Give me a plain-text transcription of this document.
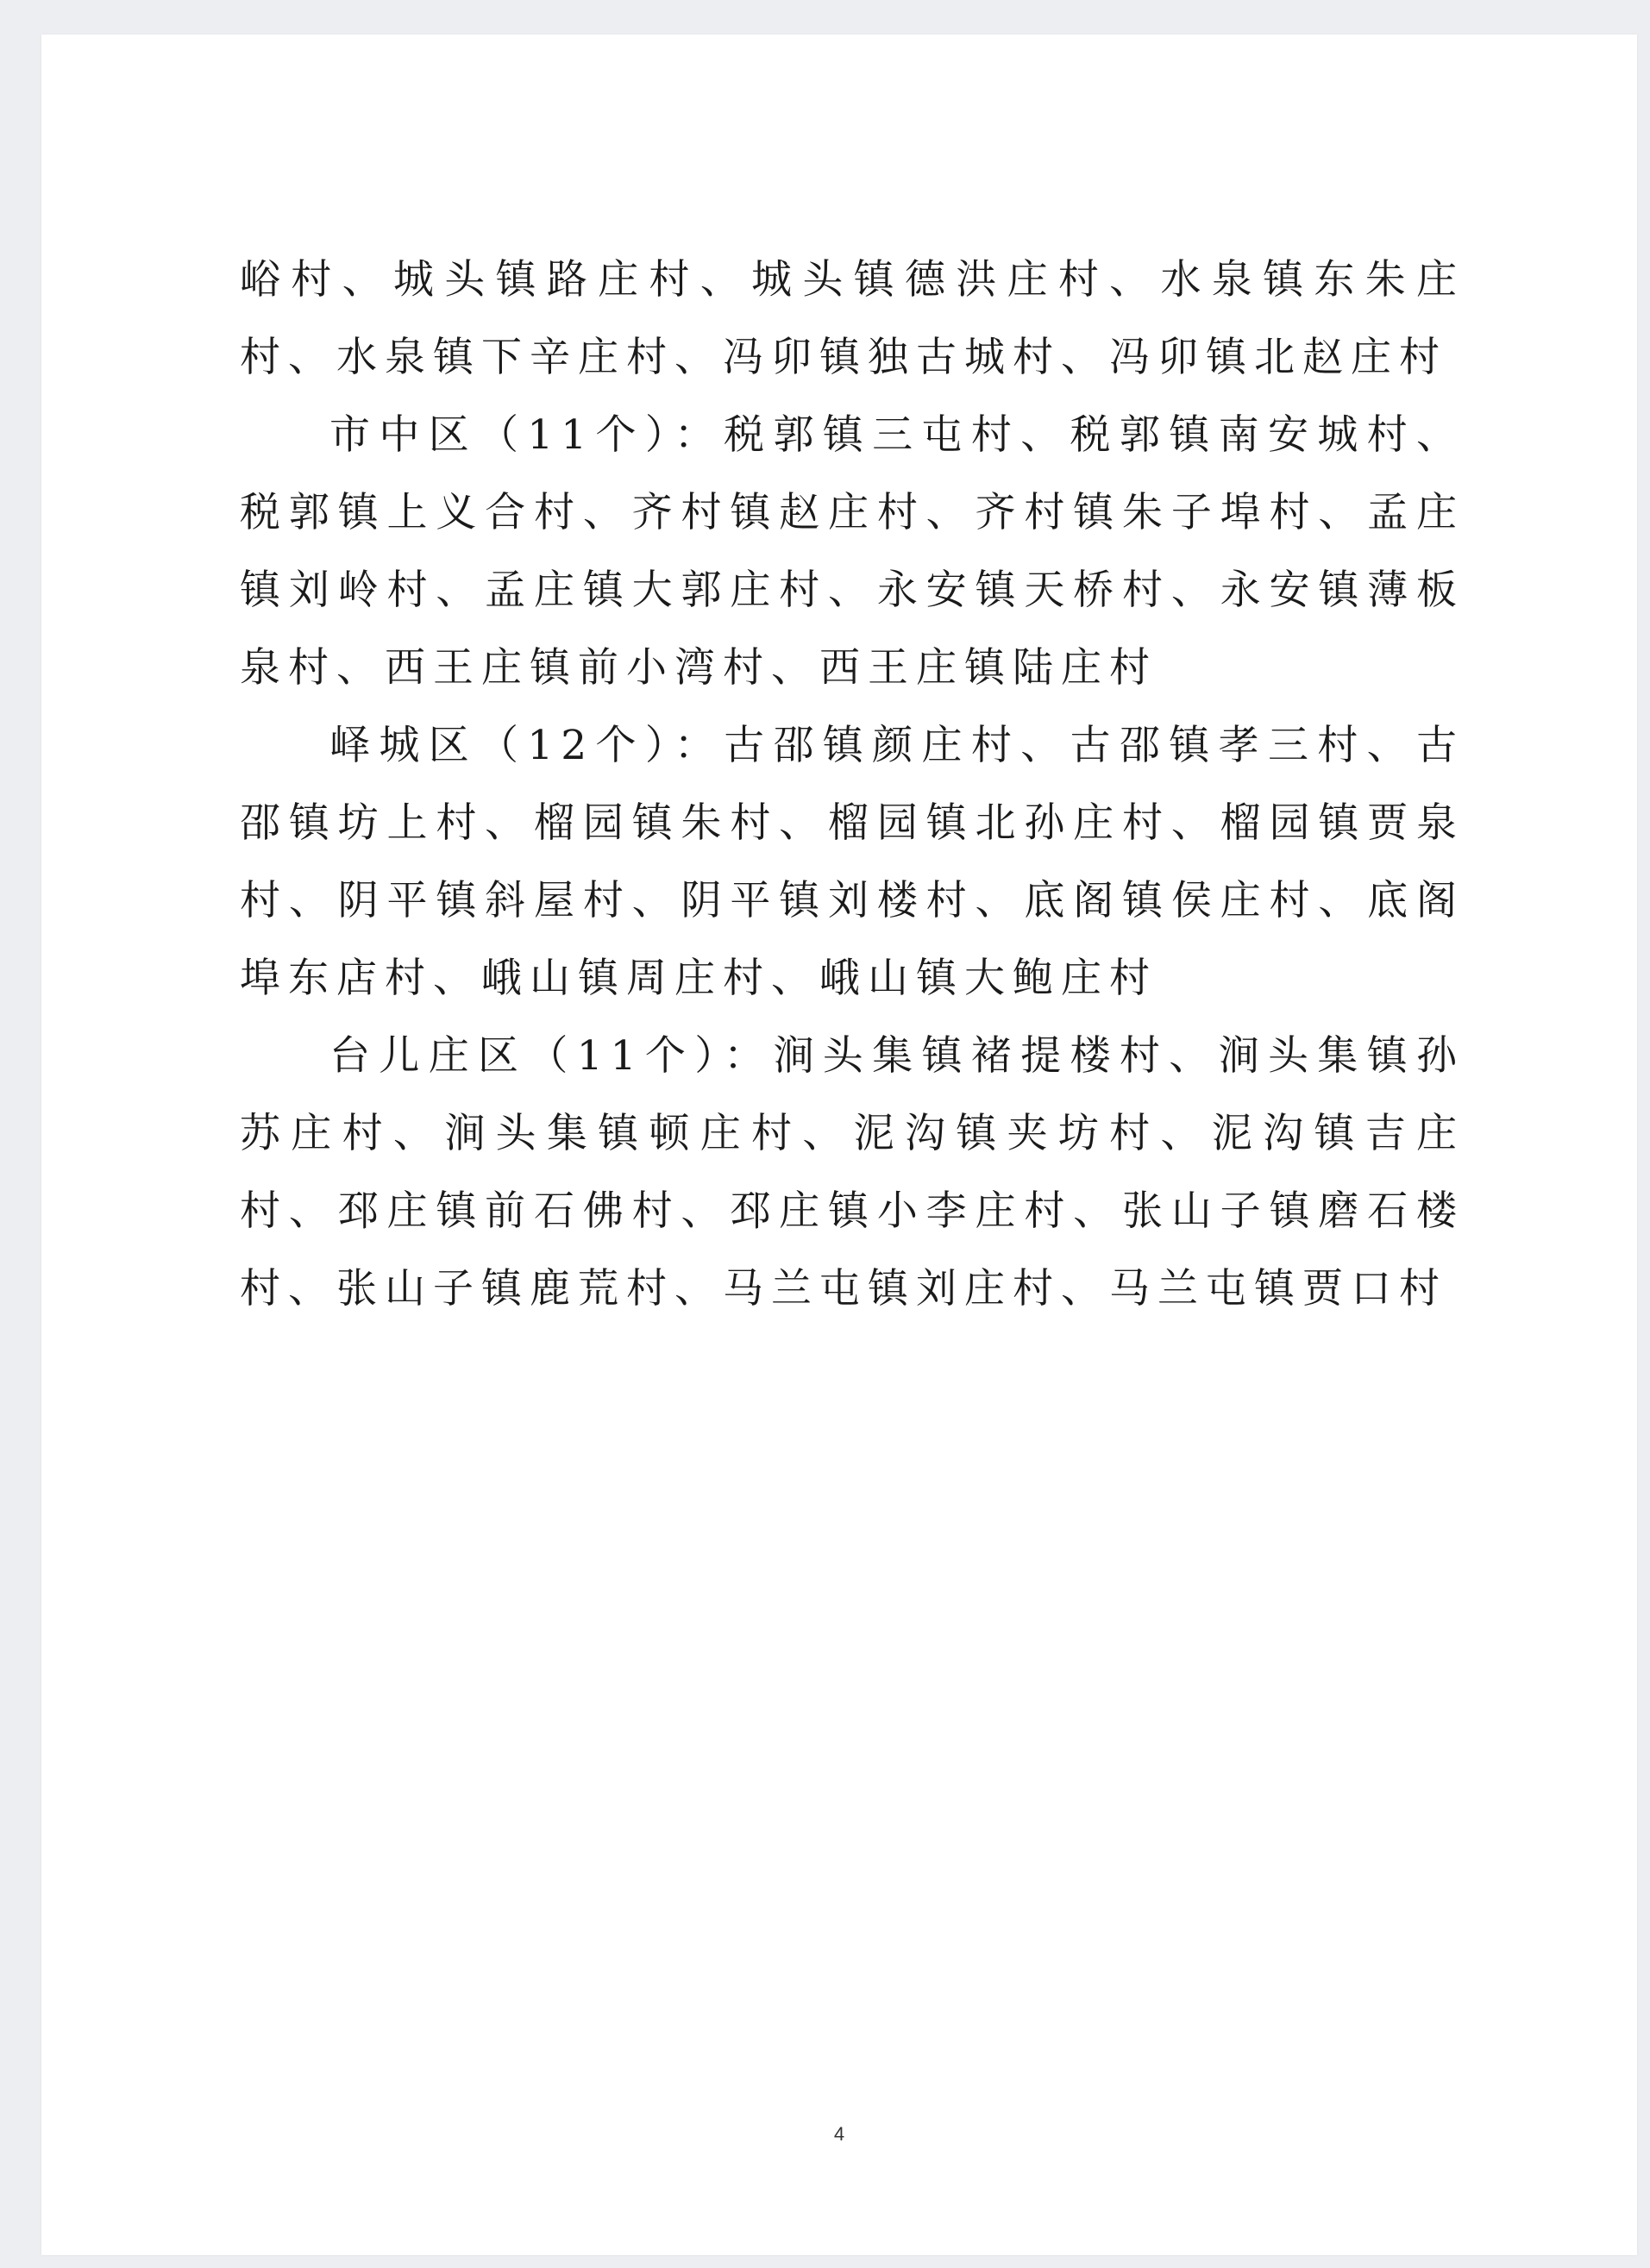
峪村、城头镇路庄村、城头镇德洪庄村、水泉镇东朱庄村、水泉镇下辛庄村、冯卯镇独古城村、冯卯镇北赵庄村

市中区（11个）：税郭镇三屯村、税郭镇南安城村、税郭镇上义合村、齐村镇赵庄村、齐村镇朱子埠村、孟庄镇刘岭村、孟庄镇大郭庄村、永安镇天桥村、永安镇薄板泉村、西王庄镇前小湾村、西王庄镇陆庄村

峄城区（12个）：古邵镇颜庄村、古邵镇孝三村、古邵镇坊上村、榴园镇朱村、榴园镇北孙庄村、榴园镇贾泉村、阴平镇斜屋村、阴平镇刘楼村、底阁镇侯庄村、底阁埠东店村、峨山镇周庄村、峨山镇大鲍庄村

台儿庄区（11个）：涧头集镇褚提楼村、涧头集镇孙苏庄村、涧头集镇顿庄村、泥沟镇夹坊村、泥沟镇吉庄村、邳庄镇前石佛村、邳庄镇小李庄村、张山子镇磨石楼村、张山子镇鹿荒村、马兰屯镇刘庄村、马兰屯镇贾口村

4
